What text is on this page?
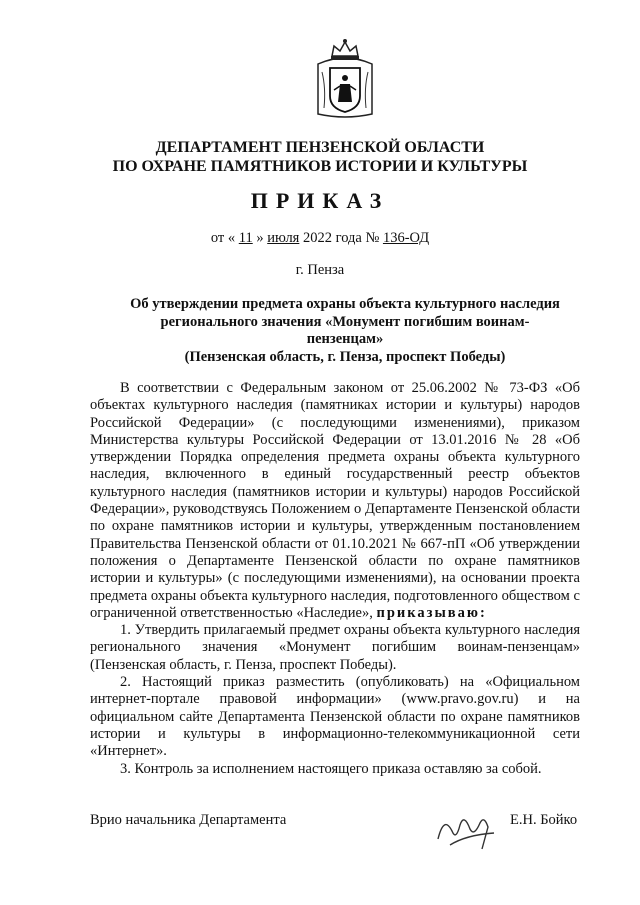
ДЕПАРТАМЕНТ ПЕНЗЕНСКОЙ ОБЛАСТИ
ПО ОХРАНЕ ПАМЯТНИКОВ ИСТОРИИ И КУЛЬТУРЫ
ПРИКАЗ
от « 11 » июля 2022 года № 136-ОД
г. Пенза
Об утверждении предмета охраны объекта культурного наследия
регионального значения «Монумент погибшим воинам-
пензенцам»
(Пензенская область, г. Пенза, проспект Победы)

В соответствии с Федеральным законом от 25.06.2002 № 73-ФЗ «Об объектах культурного наследия (памятниках истории и культуры) народов Российской Федерации» (с последующими изменениями), приказом Министерства культуры Российской Федерации от 13.01.2016 № 28 «Об утверждении Порядка определения предмета охраны объекта культурного наследия, включенного в единый государственный реестр объектов культурного наследия (памятников истории и культуры) народов Российской Федерации», руководствуясь Положением о Департаменте Пензенской области по охране памятников истории и культуры, утвержденным постановлением Правительства Пензенской области от 01.10.2021 № 667-пП «Об утверждении положения о Департаменте Пензенской области по охране памятников истории и культуры» (с последующими изменениями), на основании проекта предмета охраны объекта культурного наследия, подготовленного обществом с ограниченной ответственностью «Наследие», приказываю:

1. Утвердить прилагаемый предмет охраны объекта культурного наследия регионального значения «Монумент погибшим воинам-пензенцам» (Пензенская область, г. Пенза, проспект Победы).

2. Настоящий приказ разместить (опубликовать) на «Официальном интернет-портале правовой информации» (www.pravo.gov.ru) и на официальном сайте Департамента Пензенской области по охране памятников истории и культуры в информационно-телекоммуникационной сети «Интернет».

3. Контроль за исполнением настоящего приказа оставляю за собой.

Врио начальника Департамента	Е.Н. Бойко
